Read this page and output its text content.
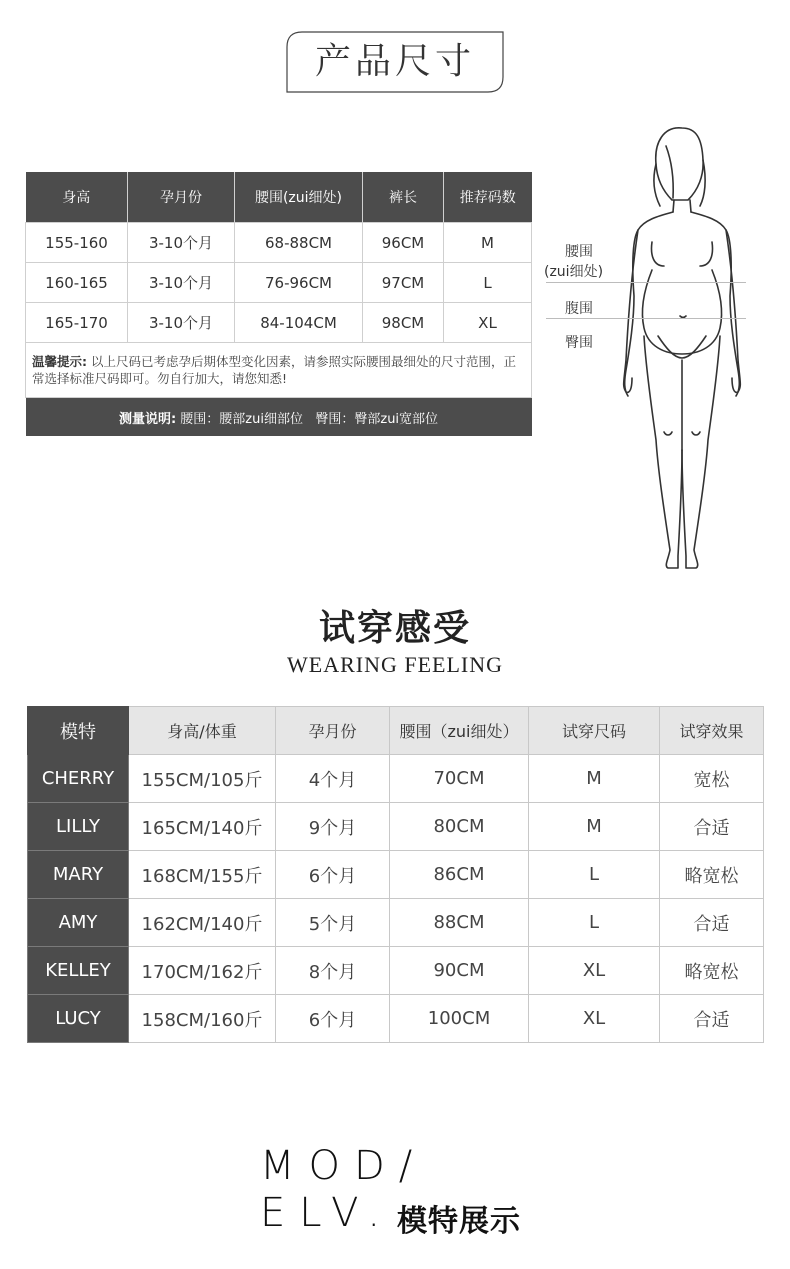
产品尺寸
身高	孕月份	腰围(zui细处)	裤长	推荐码数
155-160	3-10个月	68-88CM	96CM	M
160-165	3-10个月	76-96CM	97CM	L
165-170	3-10个月	84-104CM	98CM	XL
温馨提示: 以上尺码已考虑孕后期体型变化因素，请参照实际腰围最细处的尺寸范围，正常选择标准尺码即可。勿自行加大，请您知悉!				
测量说明: 腰围：腰部zui细部位   臀围：臀部zui宽部位				
腰围
(zui细处)
腹围
臀围
试穿感受
WEARING FEELING
模特	身高/体重	孕月份	腰围（zui细处）	试穿尺码	试穿效果
CHERRY	155CM/105斤	4个月	70CM	M	宽松
LILLY	165CM/140斤	9个月	80CM	M	合适
MARY	168CM/155斤	6个月	86CM	L	略宽松
AMY	162CM/140斤	5个月	88CM	L	合适
KELLEY	170CM/162斤	8个月	90CM	XL	略宽松
LUCY	158CM/160斤	6个月	100CM	XL	合适
MOD/
ELV. 模特展示
